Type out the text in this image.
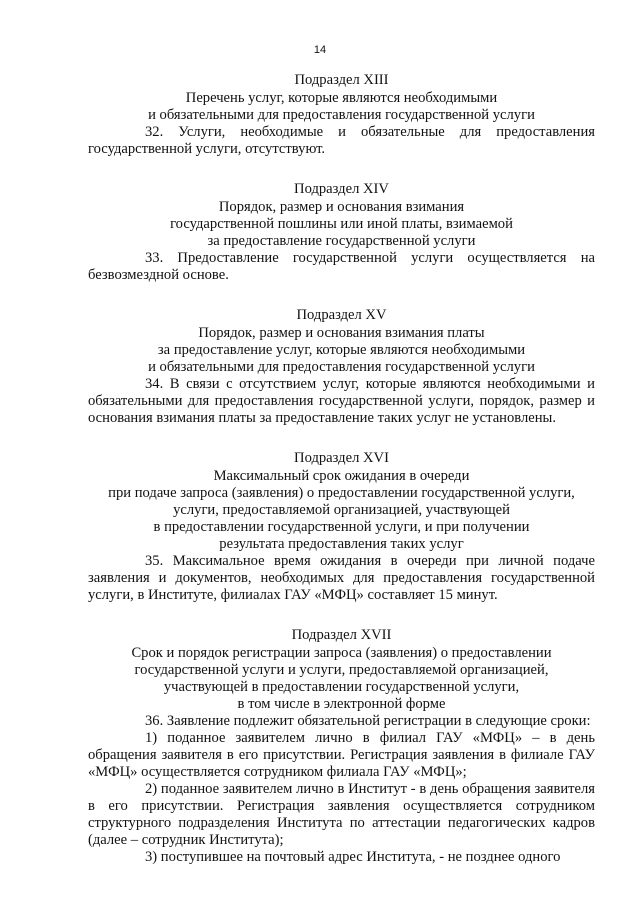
14
Подраздел XIII
Перечень услуг, которые являются необходимыми
и обязательными для предоставления государственной услуги
32. Услуги, необходимые и обязательные для предоставления государственной услуги, отсутствуют.
Подраздел XIV
Порядок, размер и основания взимания
государственной пошлины или иной платы, взимаемой
за предоставление государственной услуги
33. Предоставление государственной услуги осуществляется на безвозмездной основе.
Подраздел XV
Порядок, размер и основания взимания платы
за предоставление услуг, которые являются необходимыми
и обязательными для предоставления государственной услуги
34. В связи с отсутствием услуг, которые являются необходимыми и обязательными для предоставления государственной услуги, порядок, размер и основания взимания платы за предоставление таких услуг не установлены.
Подраздел XVI
Максимальный срок ожидания в очереди
при подаче запроса (заявления) о предоставлении государственной услуги,
услуги, предоставляемой организацией, участвующей
в предоставлении государственной услуги, и при получении
результата предоставления таких услуг
35. Максимальное время ожидания в очереди при личной подаче заявления и документов, необходимых для предоставления государственной услуги, в Институте, филиалах ГАУ «МФЦ» составляет 15 минут.
Подраздел XVII
Срок и порядок регистрации запроса (заявления) о предоставлении
государственной услуги и услуги, предоставляемой организацией,
участвующей в предоставлении государственной услуги,
в том числе в электронной форме
36. Заявление подлежит обязательной регистрации в следующие сроки:
1) поданное заявителем лично в филиал ГАУ «МФЦ» – в день обращения заявителя в его присутствии. Регистрация заявления в филиале ГАУ «МФЦ» осуществляется сотрудником филиала ГАУ «МФЦ»;
2) поданное заявителем лично в Институт - в день обращения заявителя в его присутствии. Регистрация заявления осуществляется сотрудником структурного подразделения Института по аттестации педагогических кадров (далее – сотрудник Института);
3) поступившее на почтовый адрес Института, - не позднее одного
